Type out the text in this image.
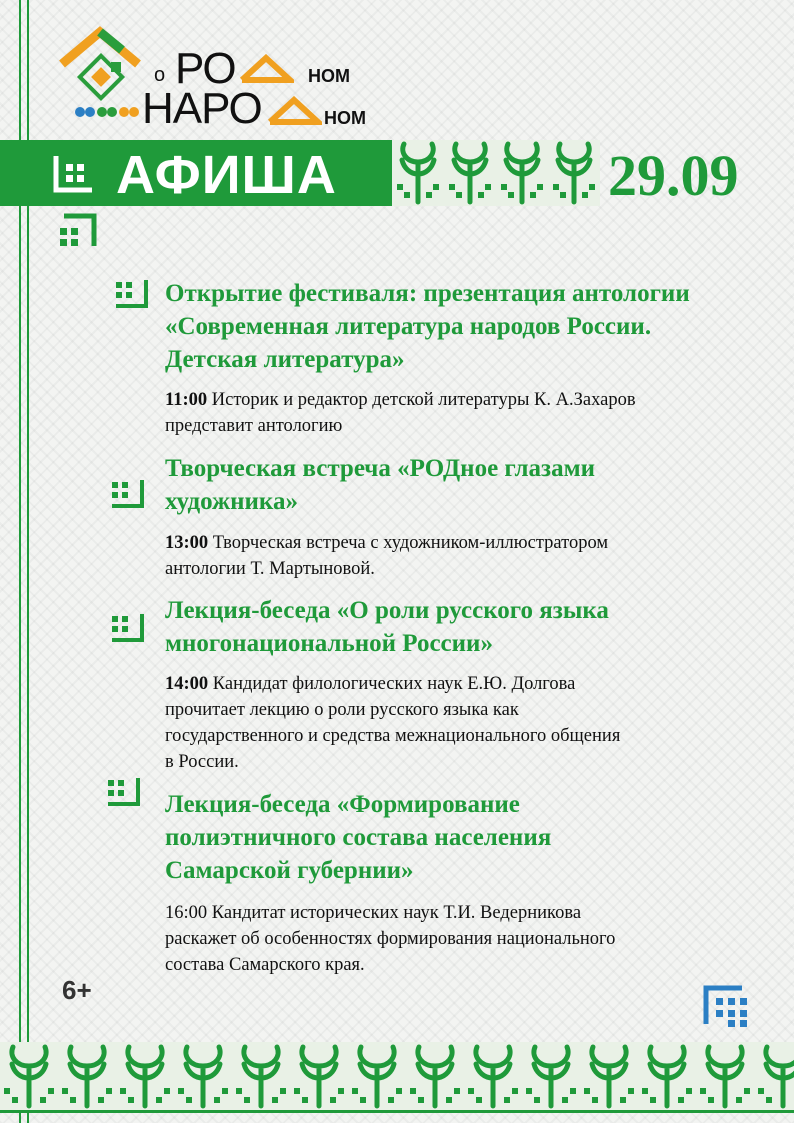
о РО	НОМ
НАРО	НОМ
АФИША	29.09
Открытие фестиваля: презентация антологии
«Современная литература народов России.
Детская литература»
11:00 Историк и редактор детской литературы К. А.Захаров
представит антологию
Творческая встреча «РОДное глазами
художника»
13:00 Творческая встреча с художником-иллюстратором
антологии Т. Мартыновой.
Лекция-беседа «О роли русского языка
многонациональной России»
14:00 Кандидат филологических наук Е.Ю. Долгова
прочитает лекцию о роли русского языка как
государственного и средства межнационального общения
в России.
Лекция-беседа «Формирование
полиэтничного состава населения
Самарской губернии»
16:00 Кандитат исторических наук Т.И. Ведерникова
раскажет об особенностях формирования национального
состава Самарского края.
6+
